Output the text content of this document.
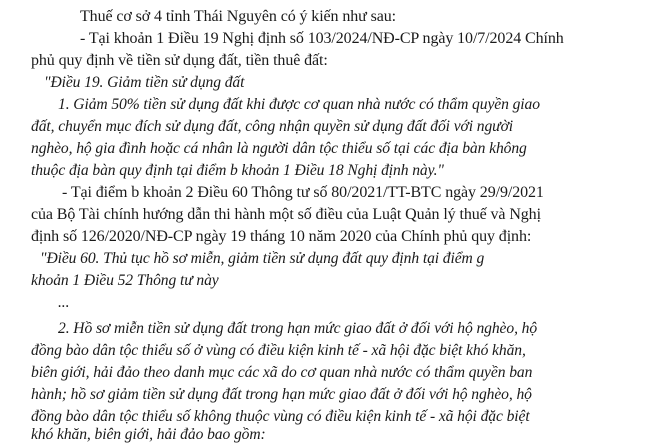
Thuế cơ sở 4 tỉnh Thái Nguyên có ý kiến như sau:
- Tại khoản 1 Điều 19 Nghị định số 103/2024/NĐ-CP ngày 10/7/2024 Chính
phủ quy định về tiền sử dụng đất, tiền thuê đất:
"Điều 19. Giảm tiền sử dụng đất
1. Giảm 50% tiền sử dụng đất khi được cơ quan nhà nước có thẩm quyền giao
đất, chuyển mục đích sử dụng đất, công nhận quyền sử dụng đất đối với người
nghèo, hộ gia đình hoặc cá nhân là người dân tộc thiểu số tại các địa bàn không
thuộc địa bàn quy định tại điểm b khoản 1 Điều 18 Nghị định này."
- Tại điểm b khoản 2 Điều 60 Thông tư số 80/2021/TT-BTC ngày 29/9/2021
của Bộ Tài chính hướng dẫn thi hành một số điều của Luật Quản lý thuế và Nghị
định số 126/2020/NĐ-CP ngày 19 tháng 10 năm 2020 của Chính phủ quy định:
"Điều 60. Thủ tục hồ sơ miễn, giảm tiền sử dụng đất quy định tại điểm g
khoản 1 Điều 52 Thông tư này
...
2. Hồ sơ miễn tiền sử dụng đất trong hạn mức giao đất ở đối với hộ nghèo, hộ
đồng bào dân tộc thiểu số ở vùng có điều kiện kinh tế - xã hội đặc biệt khó khăn,
biên giới, hải đảo theo danh mục các xã do cơ quan nhà nước có thẩm quyền ban
hành; hồ sơ giảm tiền sử dụng đất trong hạn mức giao đất ở đối với hộ nghèo, hộ
đồng bào dân tộc thiểu số không thuộc vùng có điều kiện kinh tế - xã hội đặc biệt
khó khăn, biên giới, hải đảo bao gồm:
